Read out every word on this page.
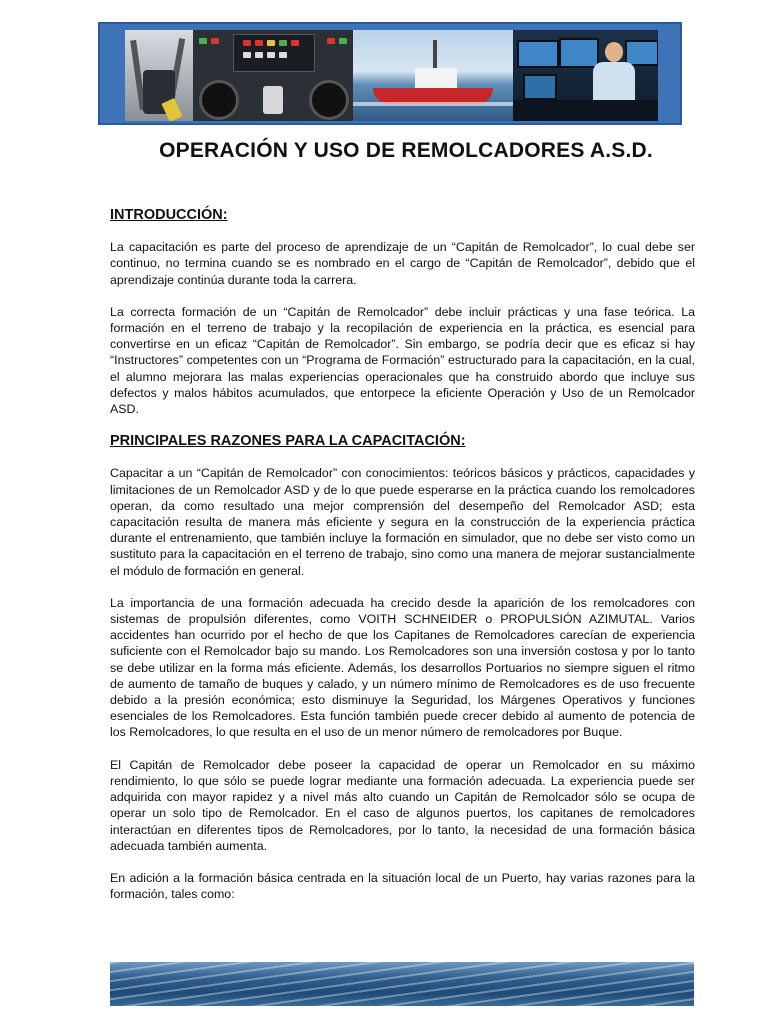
OPERACIÓN Y USO DE REMOLCADORES A.S.D.
INTRODUCCIÓN:

La capacitación es parte del proceso de aprendizaje de un “Capitán de Remolcador”, lo cual debe ser continuo, no termina cuando se es nombrado en el cargo de “Capitán de Remolcador”, debido que el aprendizaje continúa durante toda la carrera.

La correcta formación de un “Capitán de Remolcador” debe incluir prácticas y una fase teórica. La formación en el terreno de trabajo y la recopilación de experiencia en la práctica, es esencial para convertirse en un eficaz “Capitán de Remolcador”. Sin embargo, se podría decir que es eficaz si hay “Instructores” competentes con un “Programa de Formación” estructurado para la capacitación, en la cual, el alumno mejorara las malas experiencias operacionales que ha construido abordo que incluye sus defectos y malos hábitos acumulados, que entorpece la eficiente Operación y Uso de un Remolcador ASD.

PRINCIPALES RAZONES PARA LA CAPACITACIÓN:

Capacitar a un “Capitán de Remolcador” con conocimientos: teóricos básicos y prácticos, capacidades y limitaciones de un Remolcador ASD y de lo que puede esperarse en la práctica cuando los remolcadores operan, da como resultado una mejor comprensión del desempeño del Remolcador ASD; esta capacitación resulta de manera más eficiente y segura en la construcción de la experiencia práctica durante el entrenamiento, que también incluye la formación en simulador, que no debe ser visto como un sustituto para la capacitación en el terreno de trabajo, sino como una manera de mejorar sustancialmente el módulo de formación en general.

La importancia de una formación adecuada ha crecido desde la aparición de los remolcadores con sistemas de propulsión diferentes, como VOITH SCHNEIDER o PROPULSIÓN AZIMUTAL. Varios accidentes han ocurrido por el hecho de que los Capitanes de Remolcadores carecían de experiencia suficiente con el Remolcador bajo su mando. Los Remolcadores son una inversión costosa y por lo tanto se debe utilizar en la forma más eficiente. Además, los desarrollos Portuarios no siempre siguen el ritmo de aumento de tamaño de buques y calado, y un número mínimo de Remolcadores es de uso frecuente debido a la presión económica; esto disminuye la Seguridad, los Márgenes Operativos y funciones esenciales de los Remolcadores. Esta función también puede crecer debido al aumento de potencia de los Remolcadores, lo que resulta en el uso de un menor número de remolcadores por Buque.

El Capitán de Remolcador debe poseer la capacidad de operar un Remolcador en su máximo rendimiento, lo que sólo se puede lograr mediante una formación adecuada. La experiencia puede ser adquirida con mayor rapidez y a nivel más alto cuando un Capitán de Remolcador sólo se ocupa de operar un solo tipo de Remolcador. En el caso de algunos puertos, los capitanes de remolcadores interactúan en diferentes tipos de Remolcadores, por lo tanto, la necesidad de una formación básica adecuada también aumenta.

En adición a la formación básica centrada en la situación local de un Puerto, hay varias razones para la formación, tales como:
